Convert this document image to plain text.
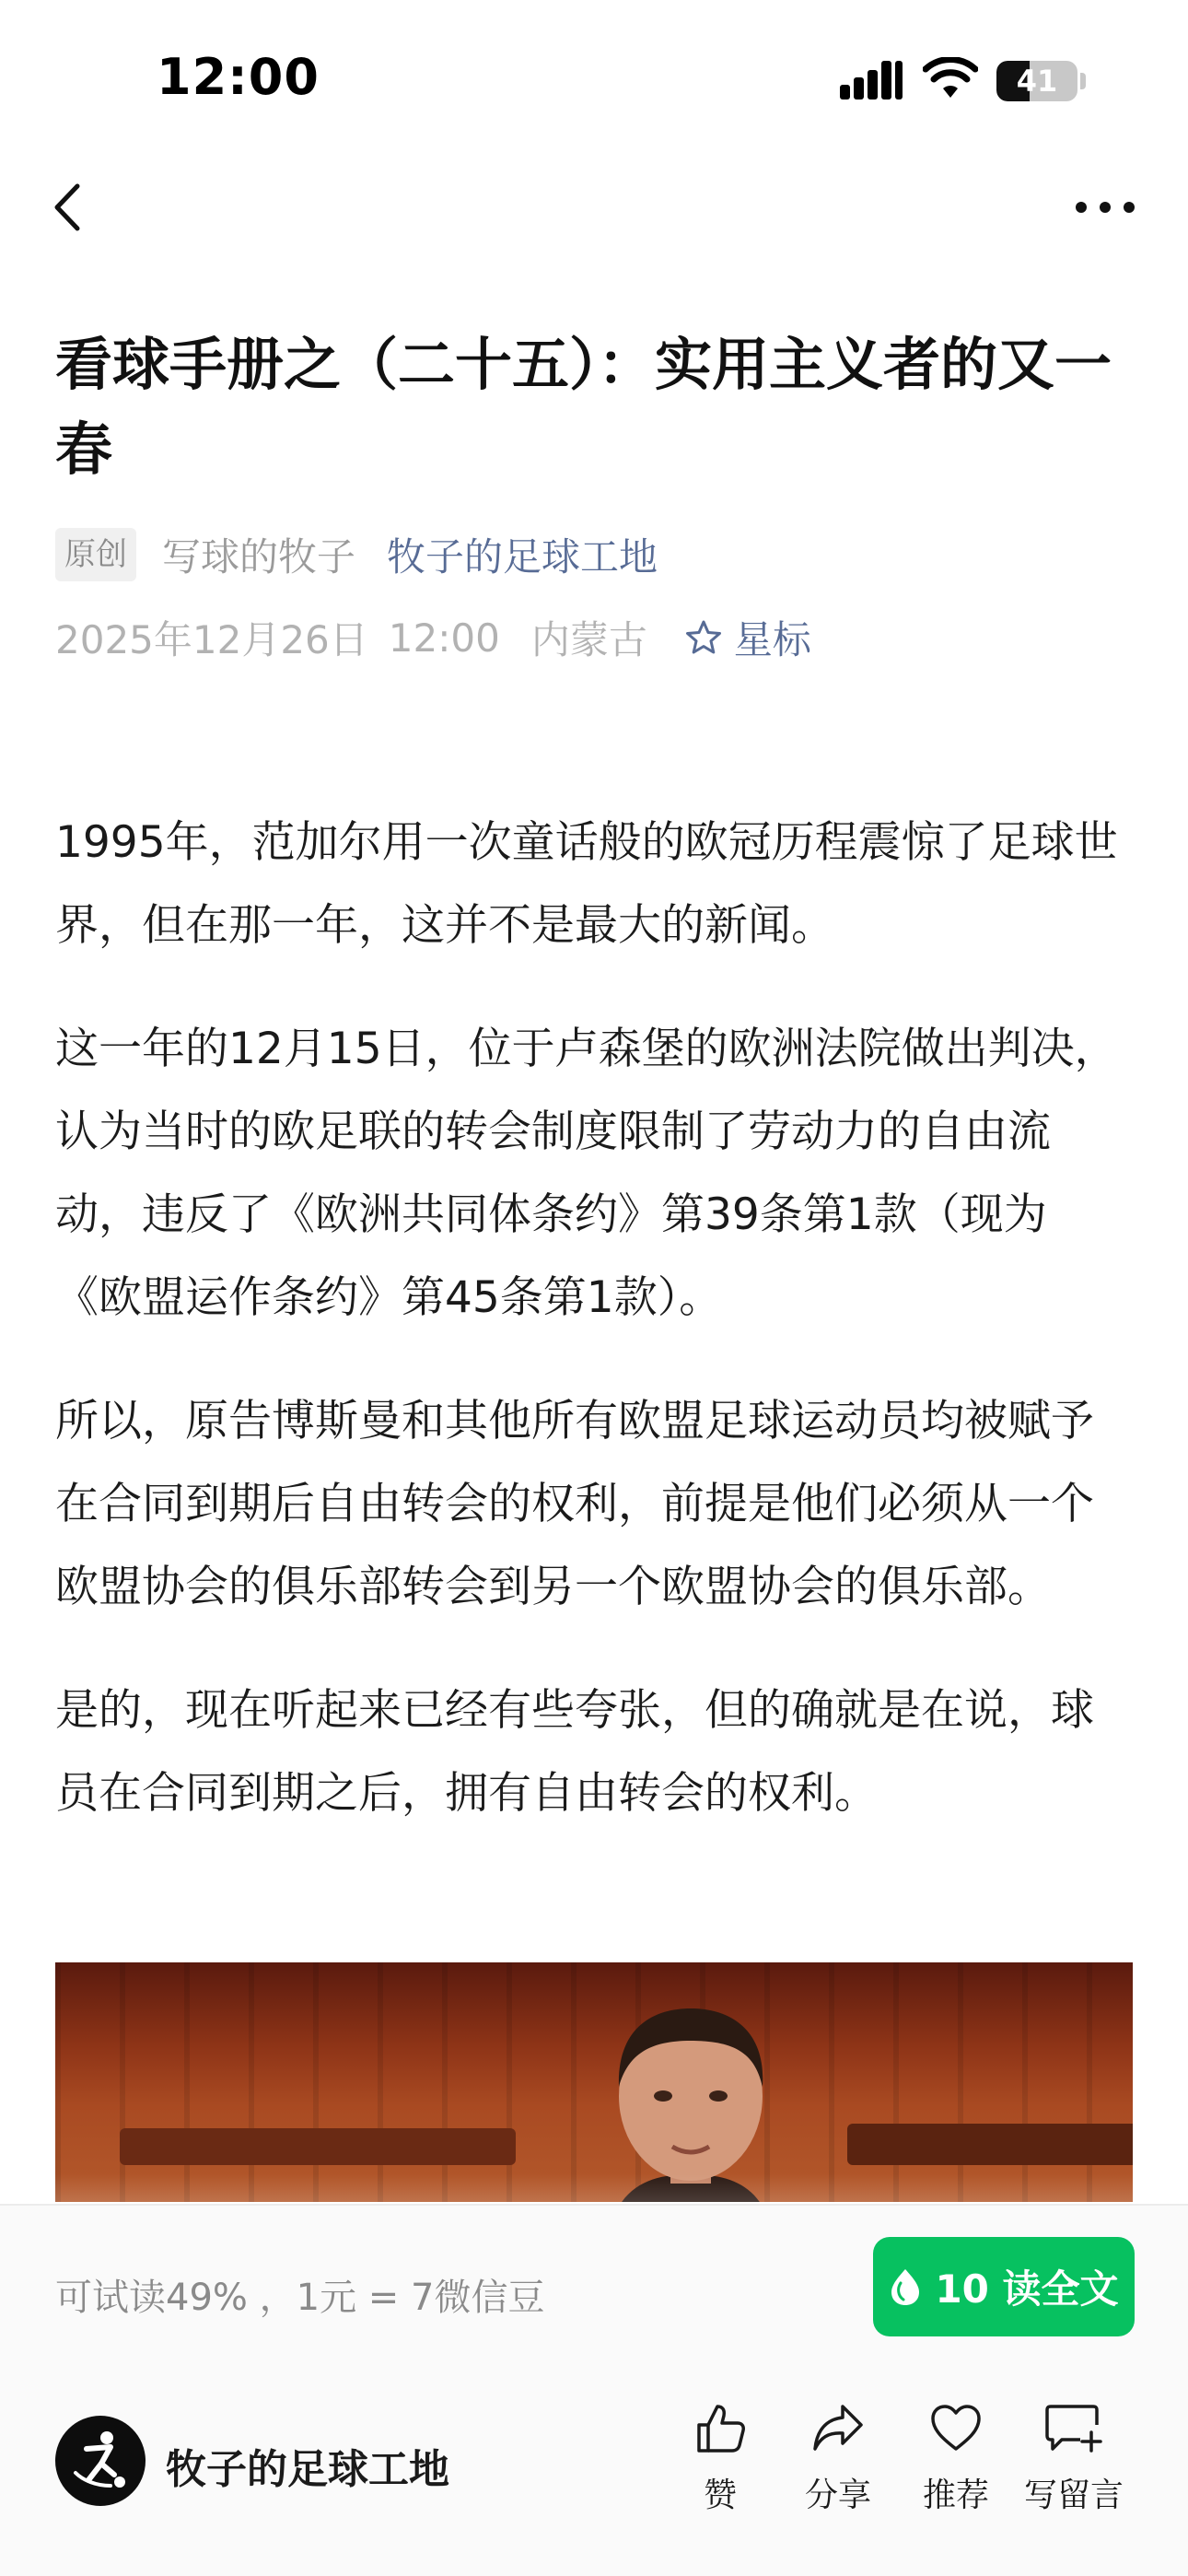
12:00	41
看球手册之（二十五）：实用主义者的又一春
原创 写球的牧子 牧子的足球工地
2025年12月26日 12:00 内蒙古 星标

1995年，范加尔用一次童话般的欧冠历程震惊了足球世界，但在那一年，这并不是最大的新闻。

这一年的12月15日，位于卢森堡的欧洲法院做出判决，认为当时的欧足联的转会制度限制了劳动力的自由流动，违反了《欧洲共同体条约》第39条第1款（现为《欧盟运作条约》第45条第1款）。

所以，原告博斯曼和其他所有欧盟足球运动员均被赋予在合同到期后自由转会的权利，前提是他们必须从一个欧盟协会的俱乐部转会到另一个欧盟协会的俱乐部。

是的，现在听起来已经有些夸张，但的确就是在说，球员在合同到期之后，拥有自由转会的权利。

可试读49% ，1元 = 7微信豆	10 读全文
牧子的足球工地
赞	分享	推荐	写留言
